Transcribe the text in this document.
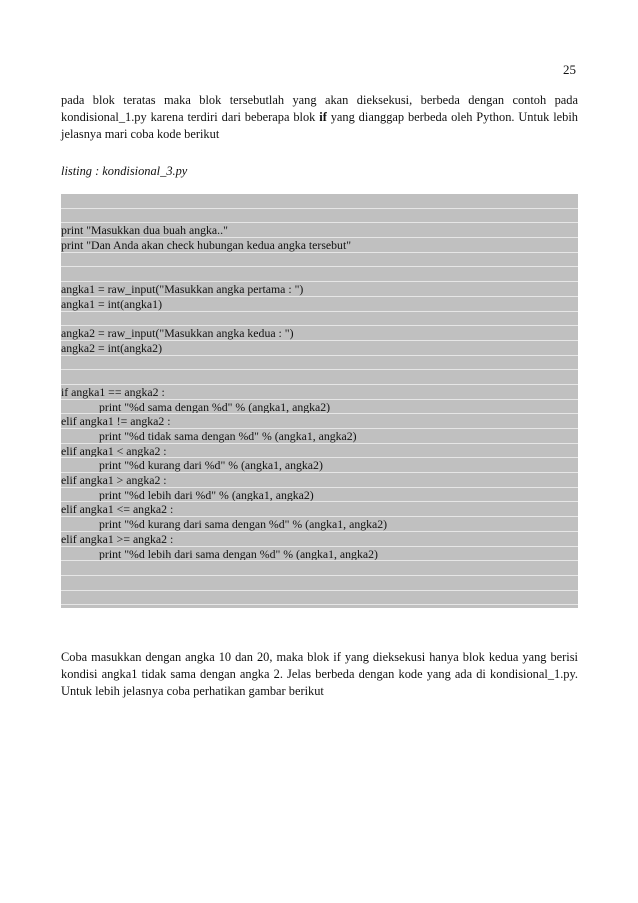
25

pada blok teratas maka blok tersebutlah yang akan dieksekusi, berbeda dengan contoh pada kondisional_1.py karena terdiri dari beberapa blok if yang dianggap berbeda oleh Python. Untuk lebih jelasnya mari coba kode berikut

listing : kondisional_3.py
print "Masukkan dua buah angka.."
print "Dan Anda akan check hubungan kedua angka tersebut"
angka1 = raw_input("Masukkan angka pertama : ")
angka1 = int(angka1)
angka2 = raw_input("Masukkan angka kedua : ")
angka2 = int(angka2)
if angka1 == angka2 :
print "%d sama dengan %d" % (angka1, angka2)
elif angka1 != angka2 :
print "%d tidak sama dengan %d" % (angka1, angka2)
elif angka1 < angka2 :
print "%d kurang dari %d" % (angka1, angka2)
elif angka1 > angka2 :
print "%d lebih dari %d" % (angka1, angka2)
elif angka1 <= angka2 :
print "%d kurang dari sama dengan %d" % (angka1, angka2)
elif angka1 >= angka2 :
print "%d lebih dari sama dengan %d" % (angka1, angka2)

Coba masukkan dengan angka 10 dan 20, maka blok if yang dieksekusi hanya blok kedua yang berisi kondisi angka1 tidak sama dengan angka 2. Jelas berbeda dengan kode yang ada di kondisional_1.py. Untuk lebih jelasnya coba perhatikan gambar berikut
